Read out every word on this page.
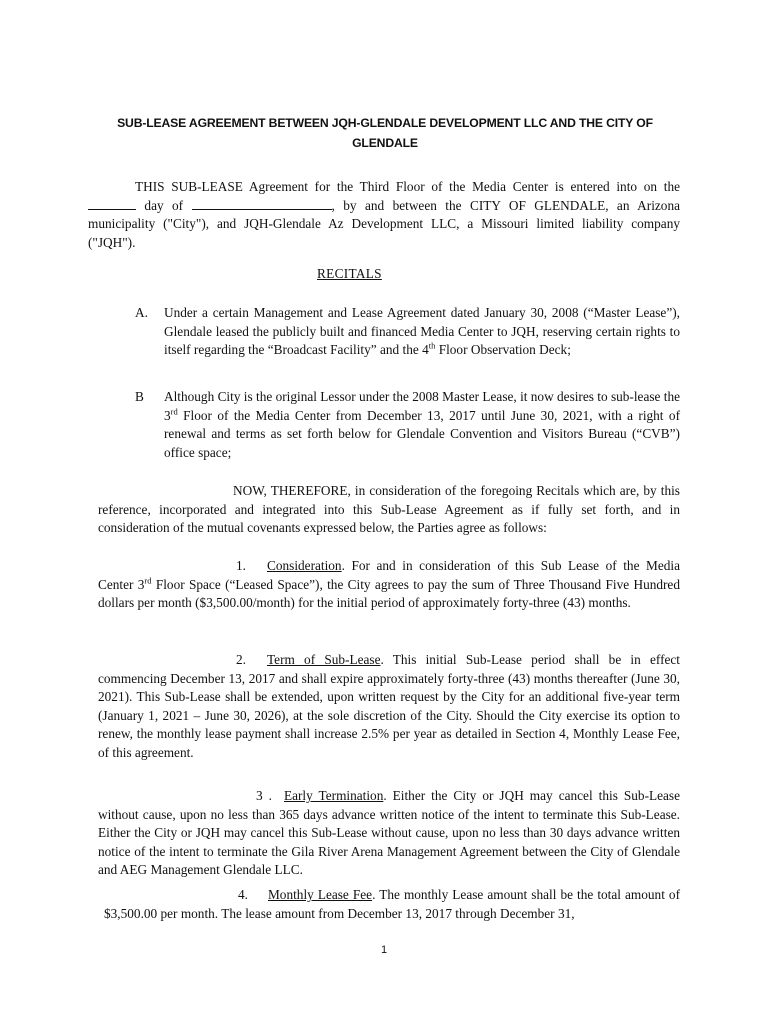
SUB-LEASE AGREEMENT BETWEEN JQH-GLENDALE DEVELOPMENT LLC AND THE CITY OF GLENDALE
THIS SUB-LEASE Agreement for the Third Floor of the Media Center is entered into on the  day of	, by and between the CITY OF GLENDALE, an Arizona municipality ("City"), and JQH-Glendale Az Development LLC, a Missouri limited liability company ("JQH").
RECITALS
A. Under a certain Management and Lease Agreement dated January 30, 2008 (“Master Lease”), Glendale leased the publicly built and financed Media Center to JQH, reserving certain rights to itself regarding the “Broadcast Facility” and the 4th Floor Observation Deck;
B Although City is the original Lessor under the 2008 Master Lease, it now desires to sub-lease the 3rd Floor of the Media Center from December 13, 2017 until June 30, 2021, with a right of renewal and terms as set forth below for Glendale Convention and Visitors Bureau (“CVB”) office space;
NOW, THEREFORE, in consideration of the foregoing Recitals which are, by this reference, incorporated and integrated into this Sub-Lease Agreement as if fully set forth, and in consideration of the mutual covenants expressed below, the Parties agree as follows:
1. Consideration. For and in consideration of this Sub Lease of the Media Center 3rd Floor Space (“Leased Space”), the City agrees to pay the sum of Three Thousand Five Hundred dollars per month ($3,500.00/month) for the initial period of approximately forty-three (43) months.
2. Term of Sub-Lease. This initial Sub-Lease period shall be in effect commencing December 13, 2017 and shall expire approximately forty-three (43) months thereafter (June 30, 2021). This Sub-Lease shall be extended, upon written request by the City for an additional five-year term (January 1, 2021 – June 30, 2026), at the sole discretion of the City. Should the City exercise its option to renew, the monthly lease payment shall increase 2.5% per year as detailed in Section 4, Monthly Lease Fee, of this agreement.
3 . Early Termination. Either the City or JQH may cancel this Sub-Lease without cause, upon no less than 365 days advance written notice of the intent to terminate this Sub-Lease. Either the City or JQH may cancel this Sub-Lease without cause, upon no less than 30 days advance written notice of the intent to terminate the Gila River Arena Management Agreement between the City of Glendale and AEG Management Glendale LLC.
4. Monthly Lease Fee. The monthly Lease amount shall be the total amount of $3,500.00 per month. The lease amount from December 13, 2017 through December 31,
1
